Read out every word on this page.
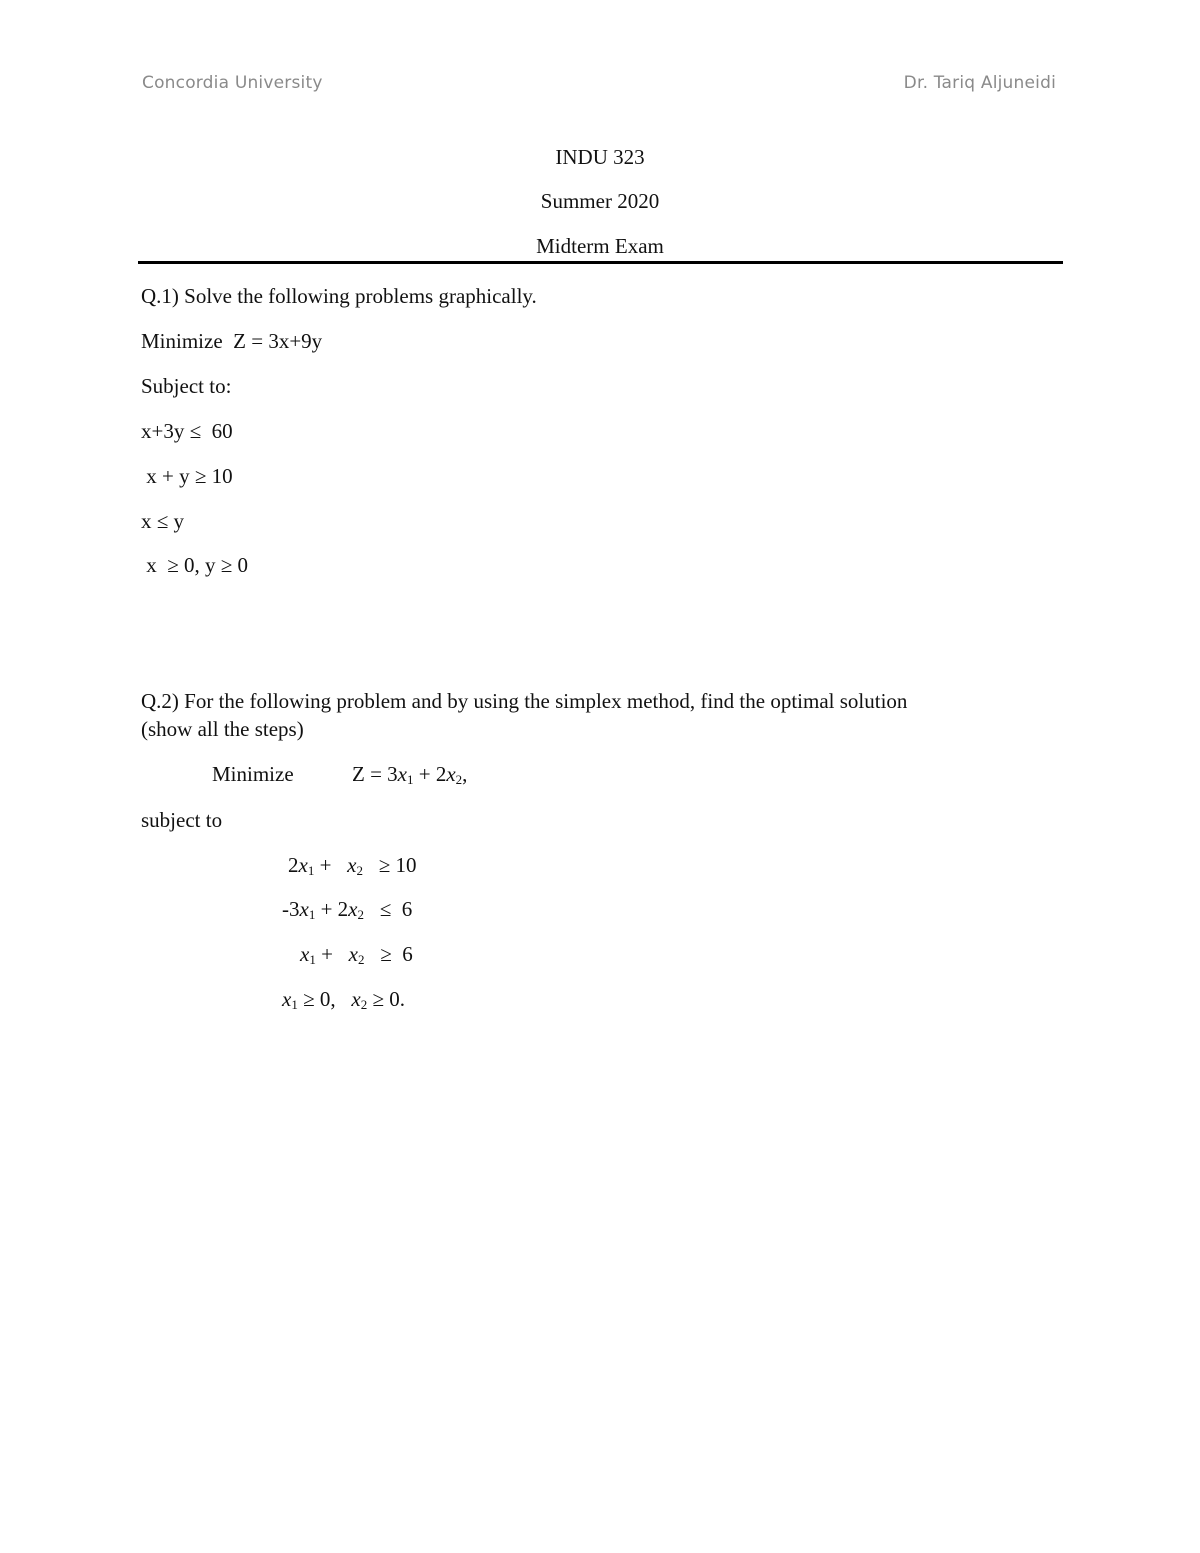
Concordia University	Dr. Tariq Aljuneidi
INDU 323
Summer 2020
Midterm Exam
Q.1) Solve the following problems graphically.
Minimize  Z = 3x+9y
Subject to:
x+3y ≤  60
x + y ≥ 10
x ≤ y
x  ≥ 0, y ≥ 0
Q.2) For the following problem and by using the simplex method, find the optimal solution
(show all the steps)
Minimize	$Z = 3x_1 + 2x_2$,
subject to
$2x_1 + x_2 \ge 10$
$-3x_1 + 2x_2 \le 6$
$x_1 + x_2 \ge 6$
$x_1 \ge 0$, $x_2 \ge 0$.
